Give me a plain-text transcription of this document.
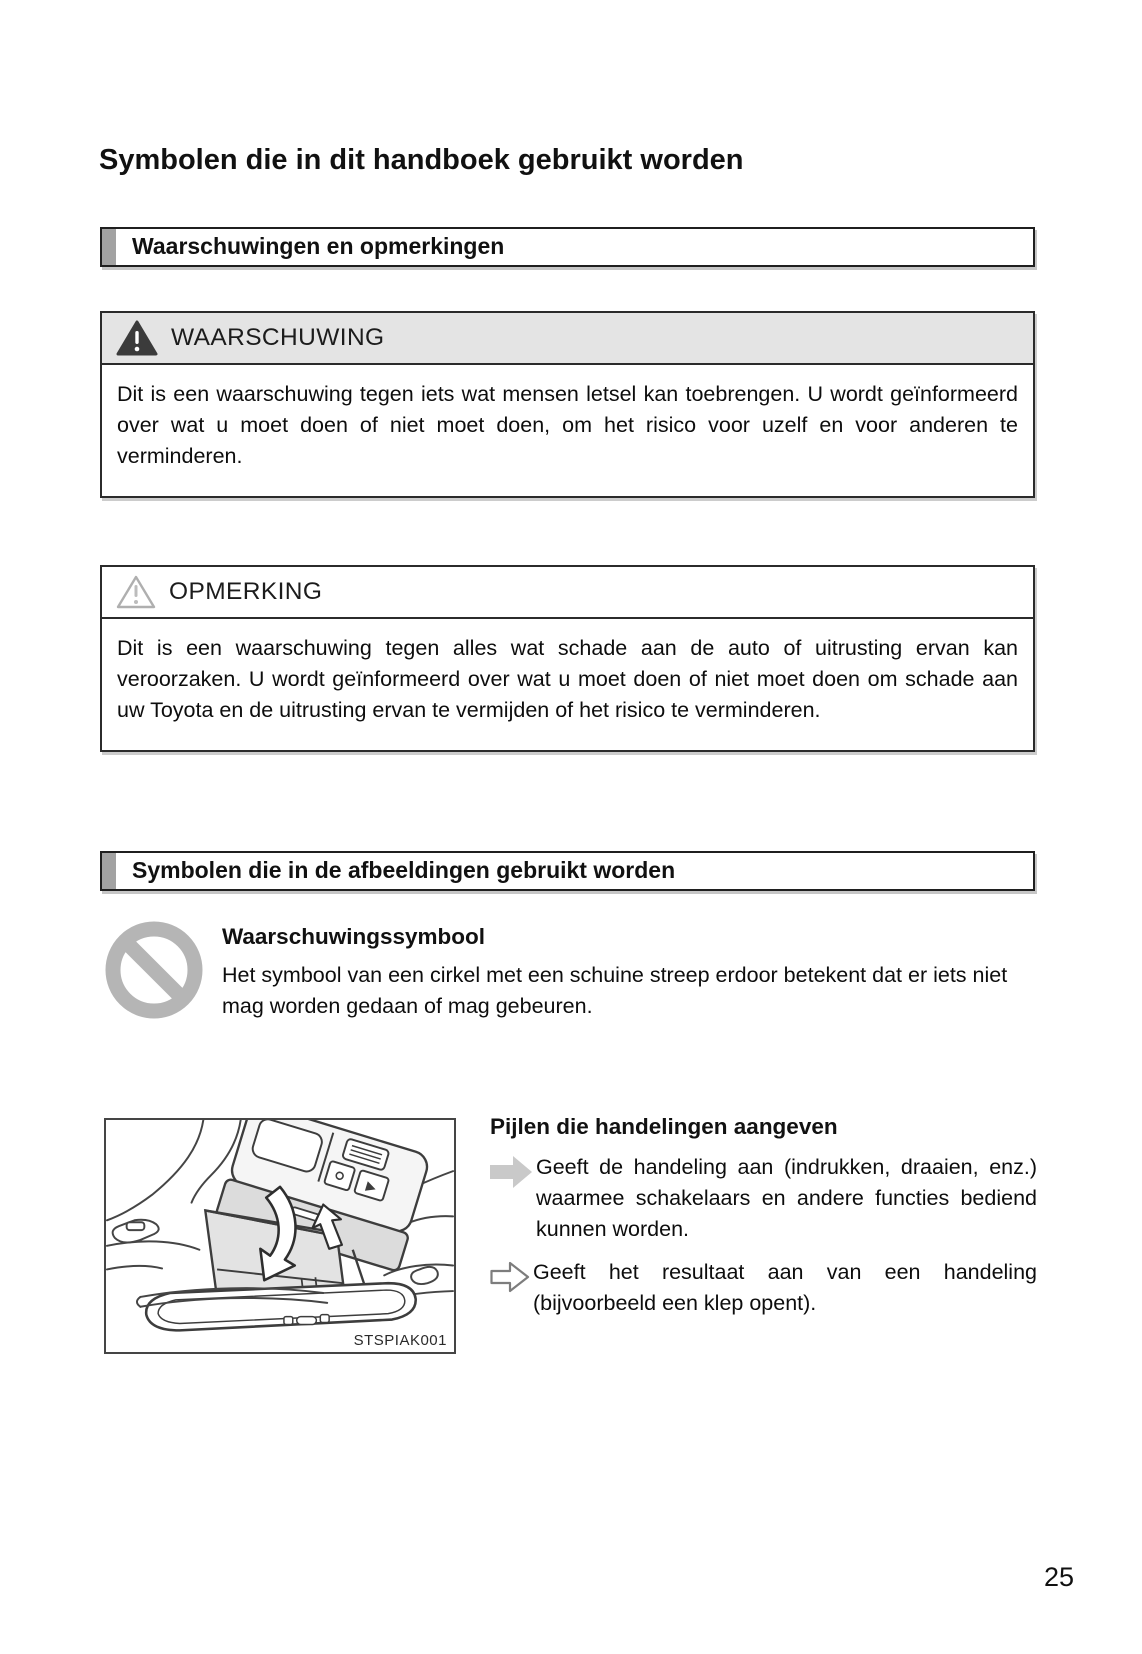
Symbolen die in dit handboek gebruikt worden
Waarschuwingen en opmerkingen
WAARSCHUWING
Dit is een waarschuwing tegen iets wat mensen letsel kan toebrengen. U wordt geïnformeerd over wat u moet doen of niet moet doen, om het risico voor uzelf en voor anderen te verminderen.
OPMERKING
Dit is een waarschuwing tegen alles wat schade aan de auto of uitrusting ervan kan veroorzaken. U wordt geïnformeerd over wat u moet doen of niet moet doen om schade aan uw Toyota en de uitrusting ervan te vermijden of het risico te verminderen.
Symbolen die in de afbeeldingen gebruikt worden
Waarschuwingssymbool

Het symbool van een cirkel met een schuine streep erdoor betekent dat er iets niet mag worden gedaan of mag gebeuren.

STSPIAK001
Pijlen die handelingen aangeven

Geeft de handeling aan (indrukken, draaien, enz.) waarmee schakelaars en andere functies bediend kunnen worden.

Geeft het resultaat aan van een handeling (bijvoorbeeld een klep opent).

25
